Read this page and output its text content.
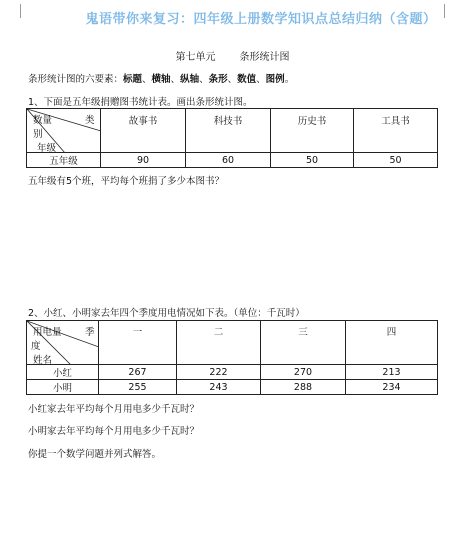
鬼语带你来复习：四年级上册数学知识点总结归纳（含题）
第七单元 条形统计图
条形统计图的六要素：标题、横轴、纵轴、条形、数值、图例。
1、下面是五年级捐赠图书统计表。画出条形统计图。
数量 类
别
年级	故事书	科技书	历史书	工具书
五年级	90	60	50	50
五年级有5个班，平均每个班捐了多少本图书？
2、小红、小明家去年四个季度用电情况如下表。（单位：千瓦时）
用电量 季
度
姓名	一	二	三	四
小红	267	222	270	213
小明	255	243	288	234
小红家去年平均每个月用电多少千瓦时？
小明家去年平均每个月用电多少千瓦时？
你提一个数学问题并列式解答。
